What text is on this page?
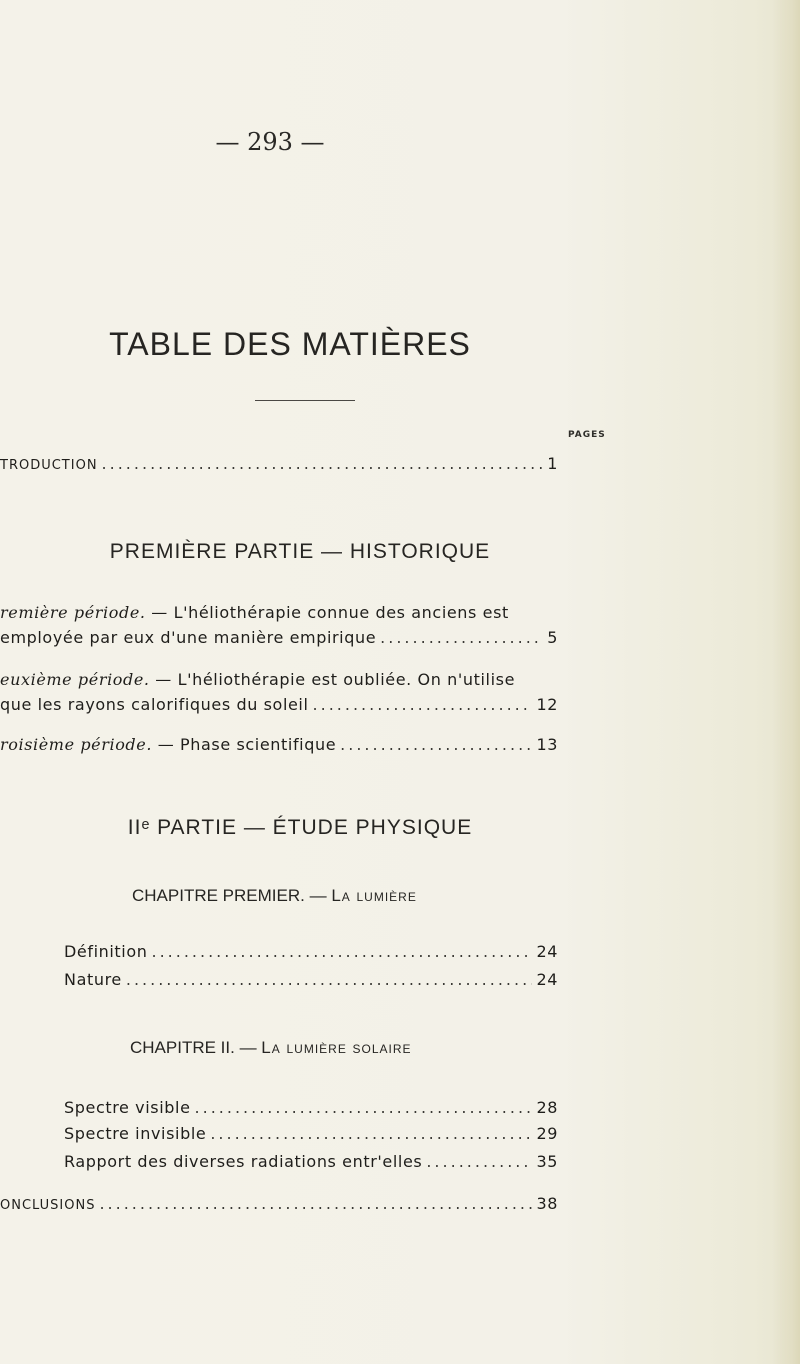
— 293 —
TABLE DES MATIÈRES
PAGES
TRODUCTION .....	1
PREMIÈRE PARTIE — HISTORIQUE
remière période. — L'héliothérapie connue des anciens est
employée par eux d'une manière empirique .....	5
euxième période. — L'héliothérapie est oubliée. On n'utilise
que les rayons calorifiques du soleil .....	12
roisième période. — Phase scientifique .....	13
IIᵉ PARTIE — ÉTUDE PHYSIQUE
CHAPITRE PREMIER. — La lumière
Définition .....	24
Nature .....	24
CHAPITRE II. — La lumière solaire
Spectre visible .....	28
Spectre invisible .....	29
Rapport des diverses radiations entr'elles .....	35
ONCLUSIONS .....	38
